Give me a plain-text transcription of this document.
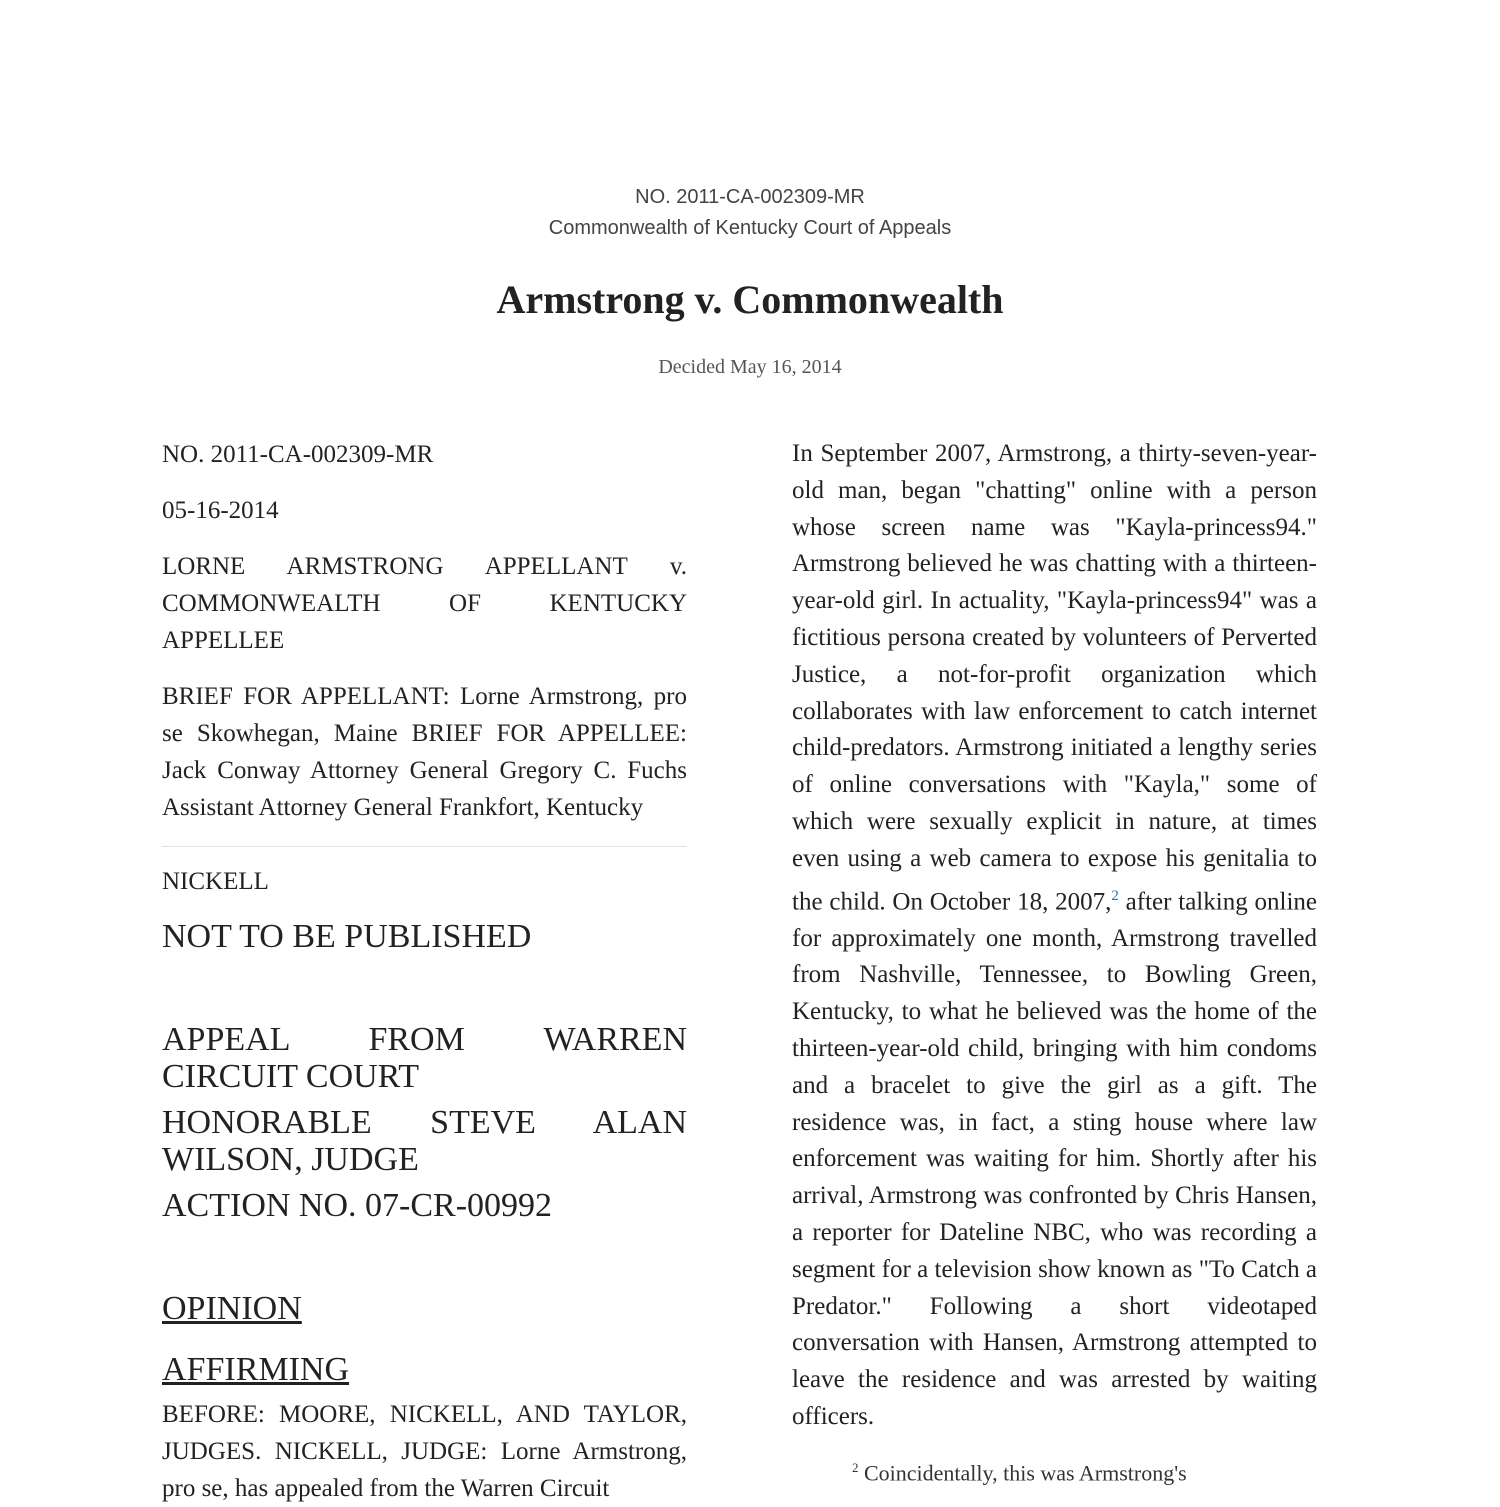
NO. 2011-CA-002309-MR
Commonwealth of Kentucky Court of Appeals
Armstrong v. Commonwealth
Decided May 16, 2014

NO. 2011-CA-002309-MR

05-16-2014

LORNE ARMSTRONG APPELLANT v. COMMONWEALTH OF KENTUCKY APPELLEE

BRIEF FOR APPELLANT: Lorne Armstrong, pro se Skowhegan, Maine BRIEF FOR APPELLEE: Jack Conway Attorney General Gregory C. Fuchs Assistant Attorney General Frankfort, Kentucky

NICKELL

NOT TO BE PUBLISHED

APPEAL FROM WARREN CIRCUIT COURT

HONORABLE STEVE ALAN WILSON, JUDGE

ACTION NO. 07-CR-00992

OPINION

AFFIRMING

BEFORE: MOORE, NICKELL, AND TAYLOR, JUDGES. NICKELL, JUDGE: Lorne Armstrong, pro se, has appealed from the Warren Circuit

In September 2007, Armstrong, a thirty-seven-year-old man, began "chatting" online with a person whose screen name was "Kayla-princess94." Armstrong believed he was chatting with a thirteen-year-old girl. In actuality, "Kayla-princess94" was a fictitious persona created by volunteers of Perverted Justice, a not-for-profit organization which collaborates with law enforcement to catch internet child-predators. Armstrong initiated a lengthy series of online conversations with "Kayla," some of which were sexually explicit in nature, at times even using a web camera to expose his genitalia to the child. On October 18, 2007,$^2$ after talking online for approximately one month, Armstrong travelled from Nashville, Tennessee, to Bowling Green, Kentucky, to what he believed was the home of the thirteen-year-old child, bringing with him condoms and a bracelet to give the girl as a gift. The residence was, in fact, a sting house where law enforcement was waiting for him. Shortly after his arrival, Armstrong was confronted by Chris Hansen, a reporter for Dateline NBC, who was recording a segment for a television show known as "To Catch a Predator." Following a short videotaped conversation with Hansen, Armstrong attempted to leave the residence and was arrested by waiting officers.

$^2$ Coincidentally, this was Armstrong's
